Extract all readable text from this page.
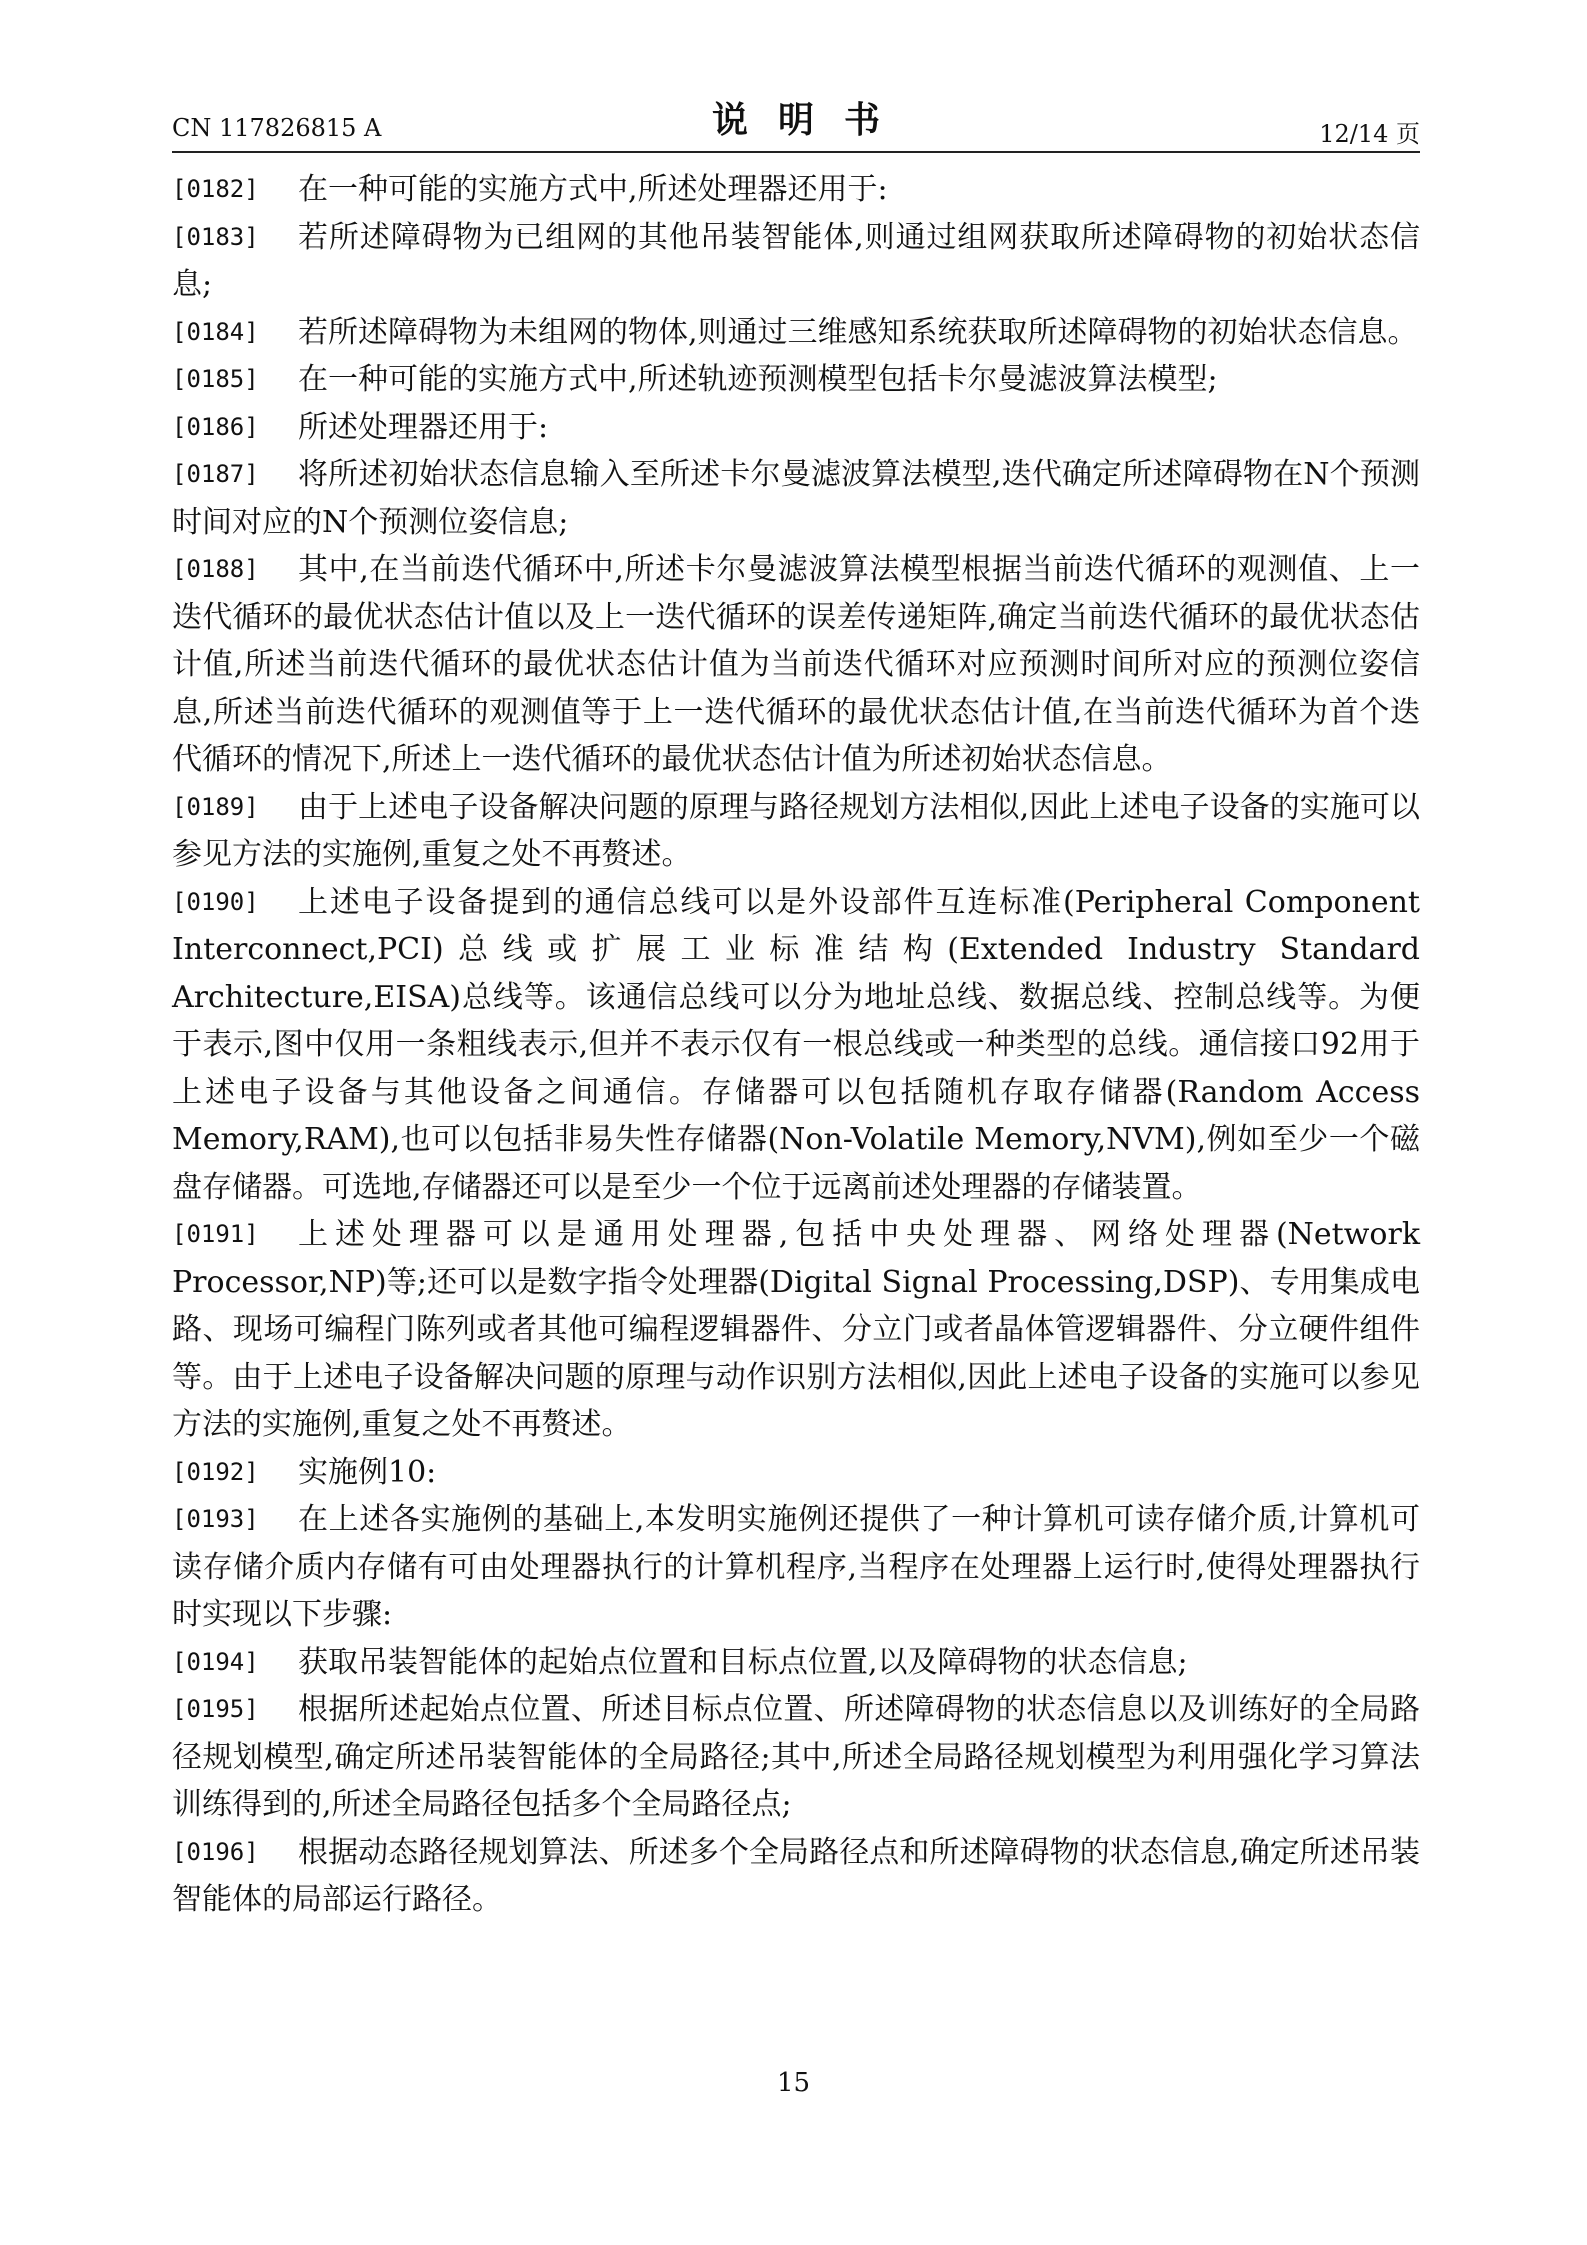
CN 117826815 A	说明书	12/14 页

[0182] 在一种可能的实施方式中,所述处理器还用于:

[0183] 若所述障碍物为已组网的其他吊装智能体,则通过组网获取所述障碍物的初始状态信息;

[0184] 若所述障碍物为未组网的物体,则通过三维感知系统获取所述障碍物的初始状态信息。

[0185] 在一种可能的实施方式中,所述轨迹预测模型包括卡尔曼滤波算法模型;

[0186] 所述处理器还用于:

[0187] 将所述初始状态信息输入至所述卡尔曼滤波算法模型,迭代确定所述障碍物在N个预测时间对应的N个预测位姿信息;

[0188] 其中,在当前迭代循环中,所述卡尔曼滤波算法模型根据当前迭代循环的观测值、上一迭代循环的最优状态估计值以及上一迭代循环的误差传递矩阵,确定当前迭代循环的最优状态估计值,所述当前迭代循环的最优状态估计值为当前迭代循环对应预测时间所对应的预测位姿信息,所述当前迭代循环的观测值等于上一迭代循环的最优状态估计值,在当前迭代循环为首个迭代循环的情况下,所述上一迭代循环的最优状态估计值为所述初始状态信息。

[0189] 由于上述电子设备解决问题的原理与路径规划方法相似,因此上述电子设备的实施可以参见方法的实施例,重复之处不再赘述。

[0190] 上述电子设备提到的通信总线可以是外设部件互连标准(Peripheral Component Interconnect,PCI)总线或扩展工业标准结构(Extended Industry Standard Architecture,EISA)总线等。该通信总线可以分为地址总线、数据总线、控制总线等。为便于表示,图中仅用一条粗线表示,但并不表示仅有一根总线或一种类型的总线。通信接口92用于上述电子设备与其他设备之间通信。存储器可以包括随机存取存储器(Random Access Memory,RAM),也可以包括非易失性存储器(Non-Volatile Memory,NVM),例如至少一个磁盘存储器。可选地,存储器还可以是至少一个位于远离前述处理器的存储装置。

[0191] 上述处理器可以是通用处理器,包括中央处理器、网络处理器(Network Processor,NP)等;还可以是数字指令处理器(Digital Signal Processing,DSP)、专用集成电路、现场可编程门陈列或者其他可编程逻辑器件、分立门或者晶体管逻辑器件、分立硬件组件等。由于上述电子设备解决问题的原理与动作识别方法相似,因此上述电子设备的实施可以参见方法的实施例,重复之处不再赘述。

[0192] 实施例10:

[0193] 在上述各实施例的基础上,本发明实施例还提供了一种计算机可读存储介质,计算机可读存储介质内存储有可由处理器执行的计算机程序,当程序在处理器上运行时,使得处理器执行时实现以下步骤:

[0194] 获取吊装智能体的起始点位置和目标点位置,以及障碍物的状态信息;

[0195] 根据所述起始点位置、所述目标点位置、所述障碍物的状态信息以及训练好的全局路径规划模型,确定所述吊装智能体的全局路径;其中,所述全局路径规划模型为利用强化学习算法训练得到的,所述全局路径包括多个全局路径点;

[0196] 根据动态路径规划算法、所述多个全局路径点和所述障碍物的状态信息,确定所述吊装智能体的局部运行路径。

15
